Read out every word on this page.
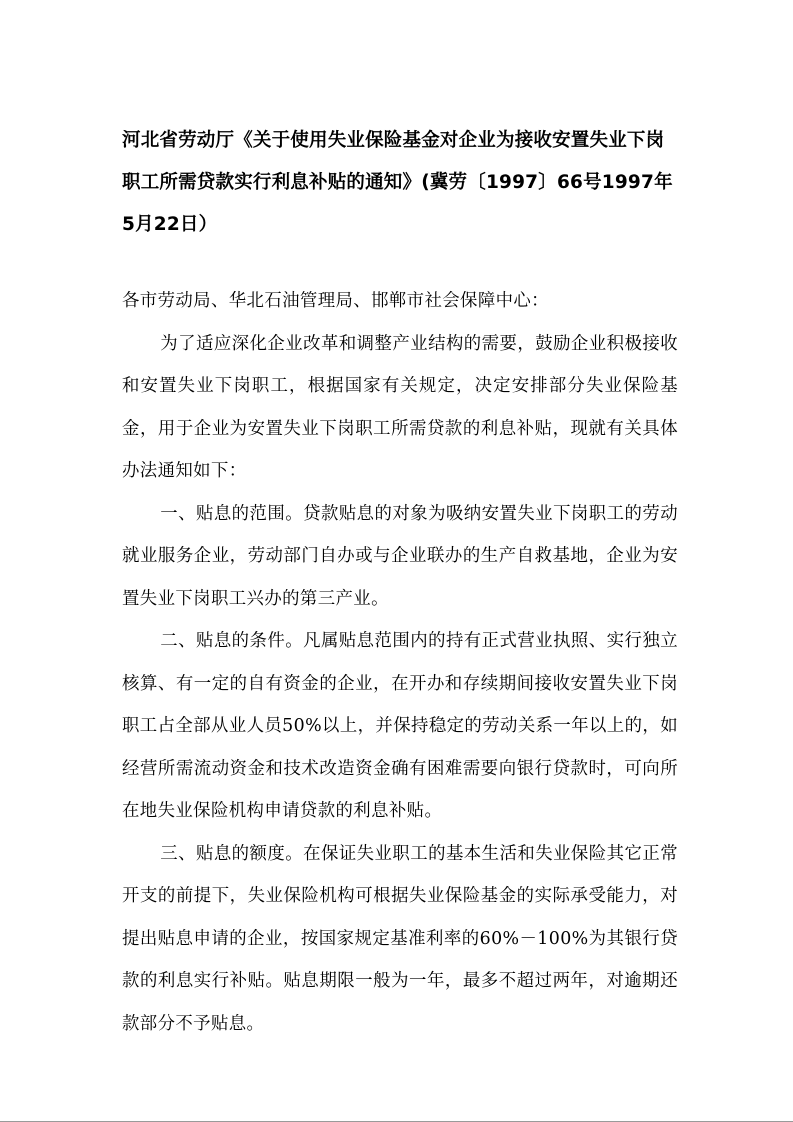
河北省劳动厅《关于使用失业保险基金对企业为接收安置失业下岗职工所需贷款实行利息补贴的通知》(冀劳〔1997〕66号1997年5月22日）

各市劳动局、华北石油管理局、邯郸市社会保障中心：

为了适应深化企业改革和调整产业结构的需要，鼓励企业积极接收和安置失业下岗职工，根据国家有关规定，决定安排部分失业保险基金，用于企业为安置失业下岗职工所需贷款的利息补贴，现就有关具体办法通知如下：

一、贴息的范围。贷款贴息的对象为吸纳安置失业下岗职工的劳动就业服务企业，劳动部门自办或与企业联办的生产自救基地，企业为安置失业下岗职工兴办的第三产业。

二、贴息的条件。凡属贴息范围内的持有正式营业执照、实行独立核算、有一定的自有资金的企业，在开办和存续期间接收安置失业下岗职工占全部从业人员50%以上，并保持稳定的劳动关系一年以上的，如经营所需流动资金和技术改造资金确有困难需要向银行贷款时，可向所在地失业保险机构申请贷款的利息补贴。

三、贴息的额度。在保证失业职工的基本生活和失业保险其它正常开支的前提下，失业保险机构可根据失业保险基金的实际承受能力，对提出贴息申请的企业，按国家规定基准利率的60%－100%为其银行贷款的利息实行补贴。贴息期限一般为一年，最多不超过两年，对逾期还款部分不予贴息。
